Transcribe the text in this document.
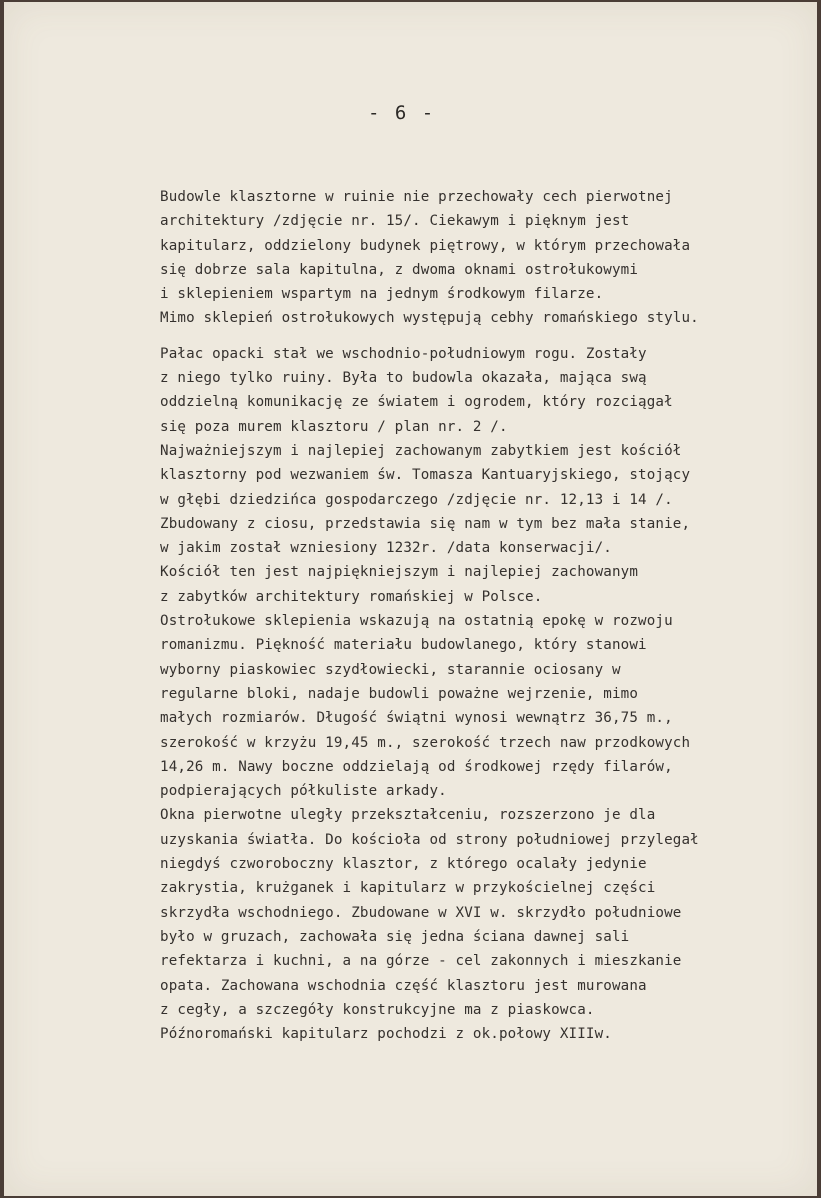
- 6 -
Budowle klasztorne w ruinie nie przechowały cech pierwotnej
architektury /zdjęcie nr. 15/. Ciekawym i pięknym jest
kapitularz, oddzielony budynek piętrowy, w którym przechowała
się dobrze sala kapitulna, z dwoma oknami ostrołukowymi
i sklepieniem wspartym na jednym środkowym filarze.
Mimo sklepień ostrołukowych występują cebhy romańskiego stylu.
Pałac opacki stał we wschodnio-południowym rogu. Zostały
z niego tylko ruiny. Była to budowla okazała, mająca swą
oddzielną komunikację ze światem i ogrodem, który rozciągał
się poza murem klasztoru / plan nr. 2 /.
Najważniejszym i najlepiej zachowanym zabytkiem jest kościół
klasztorny pod wezwaniem św. Tomasza Kantuaryjskiego, stojący
w głębi dziedzińca gospodarczego /zdjęcie nr. 12,13 i 14 /.
Zbudowany z ciosu, przedstawia się nam w tym bez mała stanie,
w jakim został wzniesiony 1232r. /data konserwacji/.
Kościół ten jest najpiękniejszym i najlepiej zachowanym
z zabytków architektury romańskiej w Polsce.
Ostrołukowe sklepienia wskazują na ostatnią epokę w rozwoju
romanizmu. Piękność materiału budowlanego, który stanowi
wyborny piaskowiec szydłowiecki, starannie ociosany w
regularne bloki, nadaje budowli poważne wejrzenie, mimo
małych rozmiarów. Długość świątni wynosi wewnątrz 36,75 m.,
szerokość w krzyżu 19,45 m., szerokość trzech naw przodkowych
14,26 m. Nawy boczne oddzielają od środkowej rzędy filarów,
podpierających półkuliste arkady.
Okna pierwotne uległy przekształceniu, rozszerzono je dla
uzyskania światła. Do kościoła od strony południowej przylegał
niegdyś czworoboczny klasztor, z którego ocalały jedynie
zakrystia, krużganek i kapitularz w przykościelnej części
skrzydła wschodniego. Zbudowane w XVI w. skrzydło południowe
było w gruzach, zachowała się jedna ściana dawnej sali
refektarza i kuchni, a na górze - cel zakonnych i mieszkanie
opata. Zachowana wschodnia część klasztoru jest murowana
z cegły, a szczegóły konstrukcyjne ma z piaskowca.
Późnoromański kapitularz pochodzi z ok.połowy XIIIw.
